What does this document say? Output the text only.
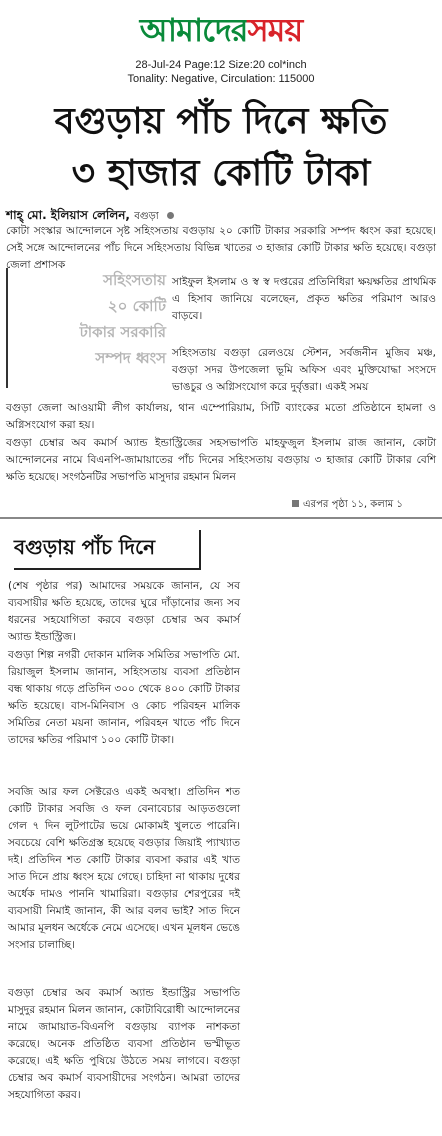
আমাদেরসময়
28-Jul-24 Page:12 Size:20 col*inch
Tonality: Negative, Circulation: 115000
বগুড়ায় পাঁচ দিনে ক্ষতি
৩ হাজার কোটি টাকা
শাহ্ মো. ইলিয়াস লেলিন, বগুড়া

কোটা সংস্কার আন্দোলনে সৃষ্ট সহিংসতায় বগুড়ায় ২০ কোটি টাকার সরকারি সম্পদ ধ্বংস করা হয়েছে। সেই সঙ্গে আন্দোলনের পাঁচ দিনে সহিংসতায় বিভিন্ন খাতের ৩ হাজার কোটি টাকার ক্ষতি হয়েছে। বগুড়া জেলা প্রশাসক

সহিংসতায়
২০ কোটি
টাকার সরকারি
সম্পদ ধ্বংস

সাইফুল ইসলাম ও স্ব স্ব দপ্তরের প্রতিনিধিরা ক্ষয়ক্ষতির প্রাথমিক এ হিসাব জানিয়ে বলেছেন, প্রকৃত ক্ষতির পরিমাণ আরও বাড়বে।

সহিংসতায় বগুড়া রেলওয়ে স্টেশন, সর্বজনীন মুজিব মঞ্চ, বগুড়া সদর উপজেলা ভূমি অফিস এবং মুক্তিযোদ্ধা সংসদে ভাঙচুর ও অগ্নিসংযোগ করে দুর্বৃত্তরা। একই সময়

বগুড়া জেলা আওয়ামী লীগ কার্যালয়, থান এম্পোরিয়াম, সিটি ব্যাংকের মতো প্রতিষ্ঠানে হামলা ও অগ্নিসংযোগ করা হয়।

বগুড়া চেম্বার অব কমার্স অ্যান্ড ইন্ডাস্ট্রিজের সহসভাপতি মাহফুজুল ইসলাম রাজ জানান, কোটা আন্দোলনের নামে বিএনপি-জামায়াতের পাঁচ দিনের সহিংসতায় বগুড়ায় ৩ হাজার কোটি টাকার বেশি ক্ষতি হয়েছে। সংগঠনটির সভাপতি মাসুদার রহমান মিলন

এরপর পৃষ্ঠা ১১, কলাম ১
বগুড়ায় পাঁচ দিনে

(শেষ পৃষ্ঠার পর) আমাদের সময়কে জানান, যে সব ব্যবসায়ীর ক্ষতি হয়েছে, তাদের ঘুরে দাঁড়ানোর জন্য সব ধরনের সহযোগিতা করবে বগুড়া চেম্বার অব কমার্স অ্যান্ড ইন্ডাস্ট্রিজ।

বগুড়া শিল্প নগরী দোকান মালিক সমিতির সভাপতি মো. রিয়াজুল ইসলাম জানান, সহিংসতায় ব্যবসা প্রতিষ্ঠান বন্ধ থাকায় গড়ে প্রতিদিন ৩০০ থেকে ৪০০ কোটি টাকার ক্ষতি হয়েছে। বাস-মিনিবাস ও কোচ পরিবহন মালিক সমিতির নেতা ময়না জানান, পরিবহন খাতে পাঁচ দিনে তাদের ক্ষতির পরিমাণ ১০০ কোটি টাকা।

সবজি আর ফল সেক্টরেও একই অবস্থা। প্রতিদিন শত কোটি টাকার সবজি ও ফল বেনাবেচার আড়তগুলো গেল ৭ দিন লুটপাটের ভয়ে মোকামই খুলতে পারেনি। সবচেয়ে বেশি ক্ষতিগ্রস্ত হয়েছে বগুড়ার জিয়াই প্যাখ্যাত দই। প্রতিদিন শত কোটি টাকার ব্যবসা করার এই খাত সাত দিনে প্রায় ধ্বংস হয়ে গেছে। চাহিদা না থাকায় দুধের অর্ধেক দামও পাননি খামারিরা। বগুড়ার শেরপুরের দই ব্যবসায়ী নিমাই জানান, কী আর বলব ভাই? সাত দিনে আমার মূলধন অর্ধেকে নেমে এসেছে। এখন মূলধন ভেঙে সংসার চালাচ্ছি।

বগুড়া চেম্বার অব কমার্স অ্যান্ড ইন্ডাস্ট্রির সভাপতি মাসুদুর রহমান মিলন জানান, কোটাবিরোধী আন্দোলনের নামে জামায়াত-বিএনপি বগুড়ায় ব্যাপক নাশকতা করেছে। অনেক প্রতিষ্ঠিত ব্যবসা প্রতিষ্ঠান ভস্মীভূত করেছে। এই ক্ষতি পুষিয়ে উঠতে সময় লাগবে। বগুড়া চেম্বার অব কমার্স ব্যবসায়ীদের সংগঠন। আমরা তাদের সহযোগিতা করব।
